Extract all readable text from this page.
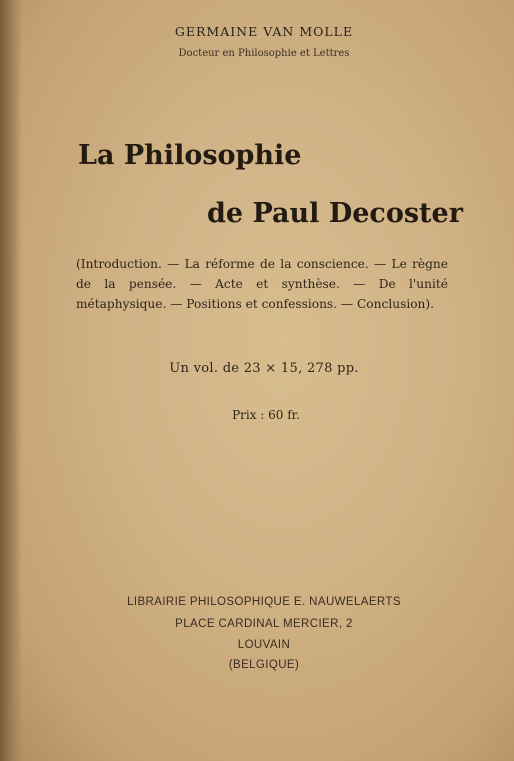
GERMAINE VAN MOLLE
Docteur en Philosophie et Lettres
La Philosophie
de Paul Decoster
(Introduction. — La réforme de la conscience. — Le règne de la pensée. — Acte et synthèse. — De l'unité métaphysique. — Positions et confessions. — Conclusion).
Un vol. de 23 × 15, 278 pp.
Prix : 60 fr.
LIBRAIRIE PHILOSOPHIQUE E. NAUWELAERTS
PLACE CARDINAL MERCIER, 2
LOUVAIN
(BELGIQUE)
